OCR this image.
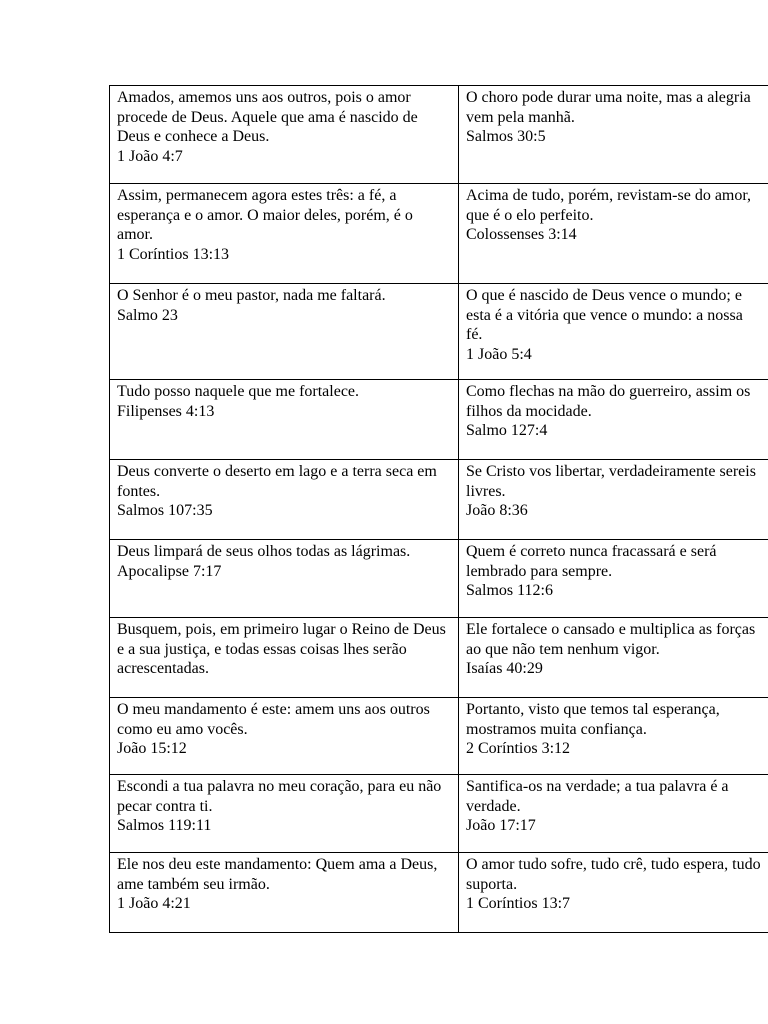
Amados, amemos uns aos outros, pois o amor procede de Deus. Aquele que ama é nascido de Deus e conhece a Deus.
1 João 4:7	O choro pode durar uma noite, mas a alegria
vem pela manhã.
Salmos 30:5

Assim, permanecem agora estes três: a fé, a esperança e o amor. O maior deles, porém, é o amor.
1 Coríntios 13:13	Acima de tudo, porém, revistam-se do amor,
que é o elo perfeito.
Colossenses 3:14

O Senhor é o meu pastor, nada me faltará.
Salmo 23	O que é nascido de Deus vence o mundo; e
esta é a vitória que vence o mundo: a nossa
fé.
1 João 5:4

Tudo posso naquele que me fortalece.
Filipenses 4:13	Como flechas na mão do guerreiro, assim os
filhos da mocidade.
Salmo 127:4

Deus converte o deserto em lago e a terra seca em fontes.
Salmos 107:35	Se Cristo vos libertar, verdadeiramente sereis
livres.
João 8:36

Deus limpará de seus olhos todas as lágrimas.
Apocalipse 7:17	Quem é correto nunca fracassará e será
lembrado para sempre.
Salmos 112:6

Busquem, pois, em primeiro lugar o Reino de Deus e a sua justiça, e todas essas coisas lhes serão acrescentadas.	Ele fortalece o cansado e multiplica as forças
ao que não tem nenhum vigor.
Isaías 40:29

O meu mandamento é este: amem uns aos outros como eu amo vocês.
João 15:12	Portanto, visto que temos tal esperança,
mostramos muita confiança.
2 Coríntios 3:12

Escondi a tua palavra no meu coração, para eu não pecar contra ti.
Salmos 119:11	Santifica-os na verdade; a tua palavra é a
verdade.
João 17:17

Ele nos deu este mandamento: Quem ama a Deus, ame também seu irmão.
1 João 4:21	O amor tudo sofre, tudo crê, tudo espera, tudo
suporta.
1 Coríntios 13:7
